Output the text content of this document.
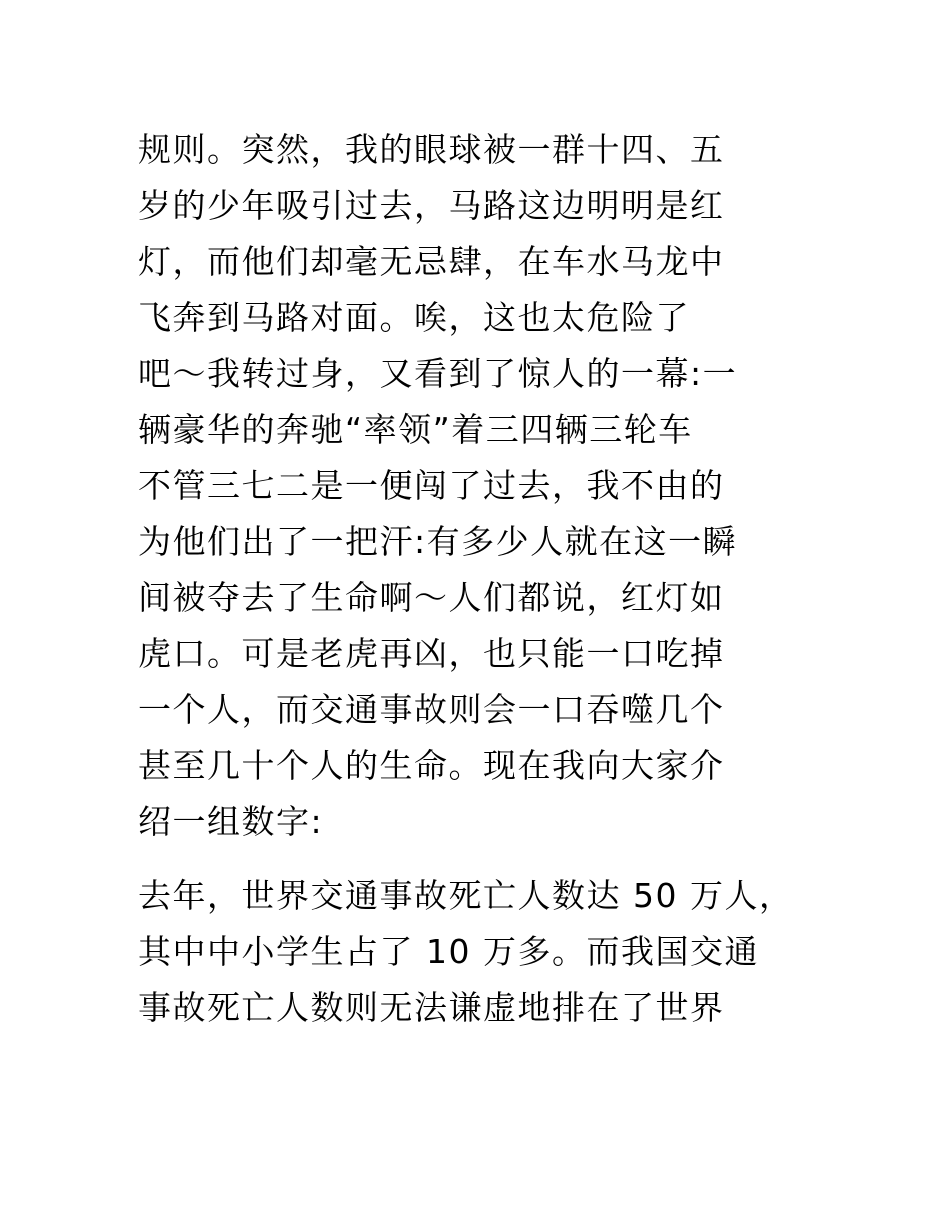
规则。突然，我的眼球被一群十四、五

岁的少年吸引过去，马路这边明明是红

灯，而他们却毫无忌肆，在车水马龙中

飞奔到马路对面。唉，这也太危险了

吧～我转过身，又看到了惊人的一幕:一

辆豪华的奔驰“率领”着三四辆三轮车

不管三七二是一便闯了过去，我不由的

为他们出了一把汗:有多少人就在这一瞬

间被夺去了生命啊～人们都说，红灯如

虎口。可是老虎再凶，也只能一口吃掉

一个人，而交通事故则会一口吞噬几个

甚至几十个人的生命。现在我向大家介

绍一组数字:

去年，世界交通事故死亡人数达 50 万人，

其中中小学生占了 10 万多。而我国交通

事故死亡人数则无法谦虚地排在了世界
